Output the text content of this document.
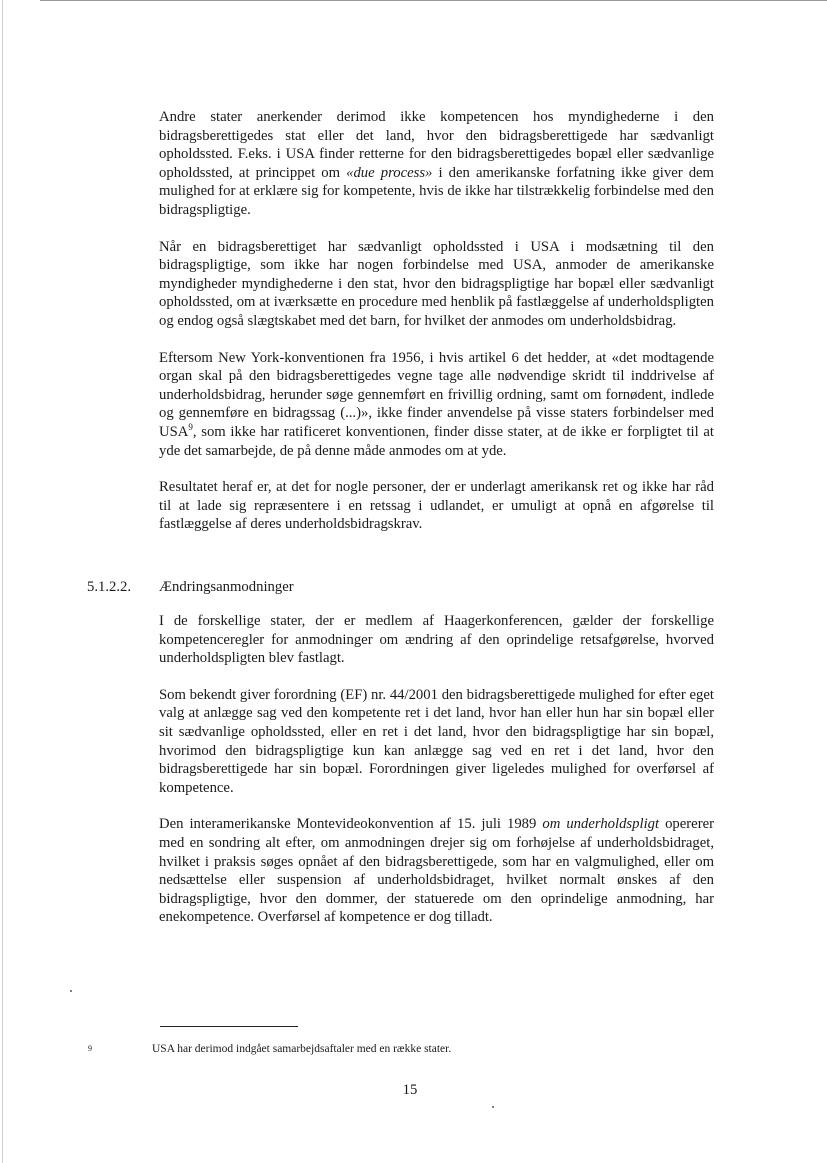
Andre stater anerkender derimod ikke kompetencen hos myndighederne i den bidragsberettigedes stat eller det land, hvor den bidragsberettigede har sædvanligt opholdssted. F.eks. i USA finder retterne for den bidragsberettigedes bopæl eller sædvanlige opholdssted, at princippet om «due process» i den amerikanske forfatning ikke giver dem mulighed for at erklære sig for kompetente, hvis de ikke har tilstrækkelig forbindelse med den bidragspligtige.

Når en bidragsberettiget har sædvanligt opholdssted i USA i modsætning til den bidragspligtige, som ikke har nogen forbindelse med USA, anmoder de amerikanske myndigheder myndighederne i den stat, hvor den bidragspligtige har bopæl eller sædvanligt opholdssted, om at iværksætte en procedure med henblik på fastlæggelse af underholdspligten og endog også slægtskabet med det barn, for hvilket der anmodes om underholdsbidrag.

Eftersom New York-konventionen fra 1956, i hvis artikel 6 det hedder, at «det modtagende organ skal på den bidragsberettigedes vegne tage alle nødvendige skridt til inddrivelse af underholdsbidrag, herunder søge gennemført en frivillig ordning, samt om fornødent, indlede og gennemføre en bidragssag (...)», ikke finder anvendelse på visse staters forbindelser med USA$^9$, som ikke har ratificeret konventionen, finder disse stater, at de ikke er forpligtet til at yde det samarbejde, de på denne måde anmodes om at yde.

Resultatet heraf er, at det for nogle personer, der er underlagt amerikansk ret og ikke har råd til at lade sig repræsentere i en retssag i udlandet, er umuligt at opnå en afgørelse til fastlæggelse af deres underholdsbidragskrav.

5.1.2.2. Ændringsanmodninger

I de forskellige stater, der er medlem af Haagerkonferencen, gælder der forskellige kompetenceregler for anmodninger om ændring af den oprindelige retsafgørelse, hvorved underholdspligten blev fastlagt.

Som bekendt giver forordning (EF) nr. 44/2001 den bidragsberettigede mulighed for efter eget valg at anlægge sag ved den kompetente ret i det land, hvor han eller hun har sin bopæl eller sit sædvanlige opholdssted, eller en ret i det land, hvor den bidragspligtige har sin bopæl, hvorimod den bidragspligtige kun kan anlægge sag ved en ret i det land, hvor den bidragsberettigede har sin bopæl. Forordningen giver ligeledes mulighed for overførsel af kompetence.

Den interamerikanske Montevideokonvention af 15. juli 1989 om underholdspligt opererer med en sondring alt efter, om anmodningen drejer sig om forhøjelse af underholdsbidraget, hvilket i praksis søges opnået af den bidragsberettigede, som har en valgmulighed, eller om nedsættelse eller suspension af underholdsbidraget, hvilket normalt ønskes af den bidragspligtige, hvor den dommer, der statuerede om den oprindelige anmodning, har enekompetence. Overførsel af kompetence er dog tilladt.

9	USA har derimod indgået samarbejdsaftaler med en række stater.
15
